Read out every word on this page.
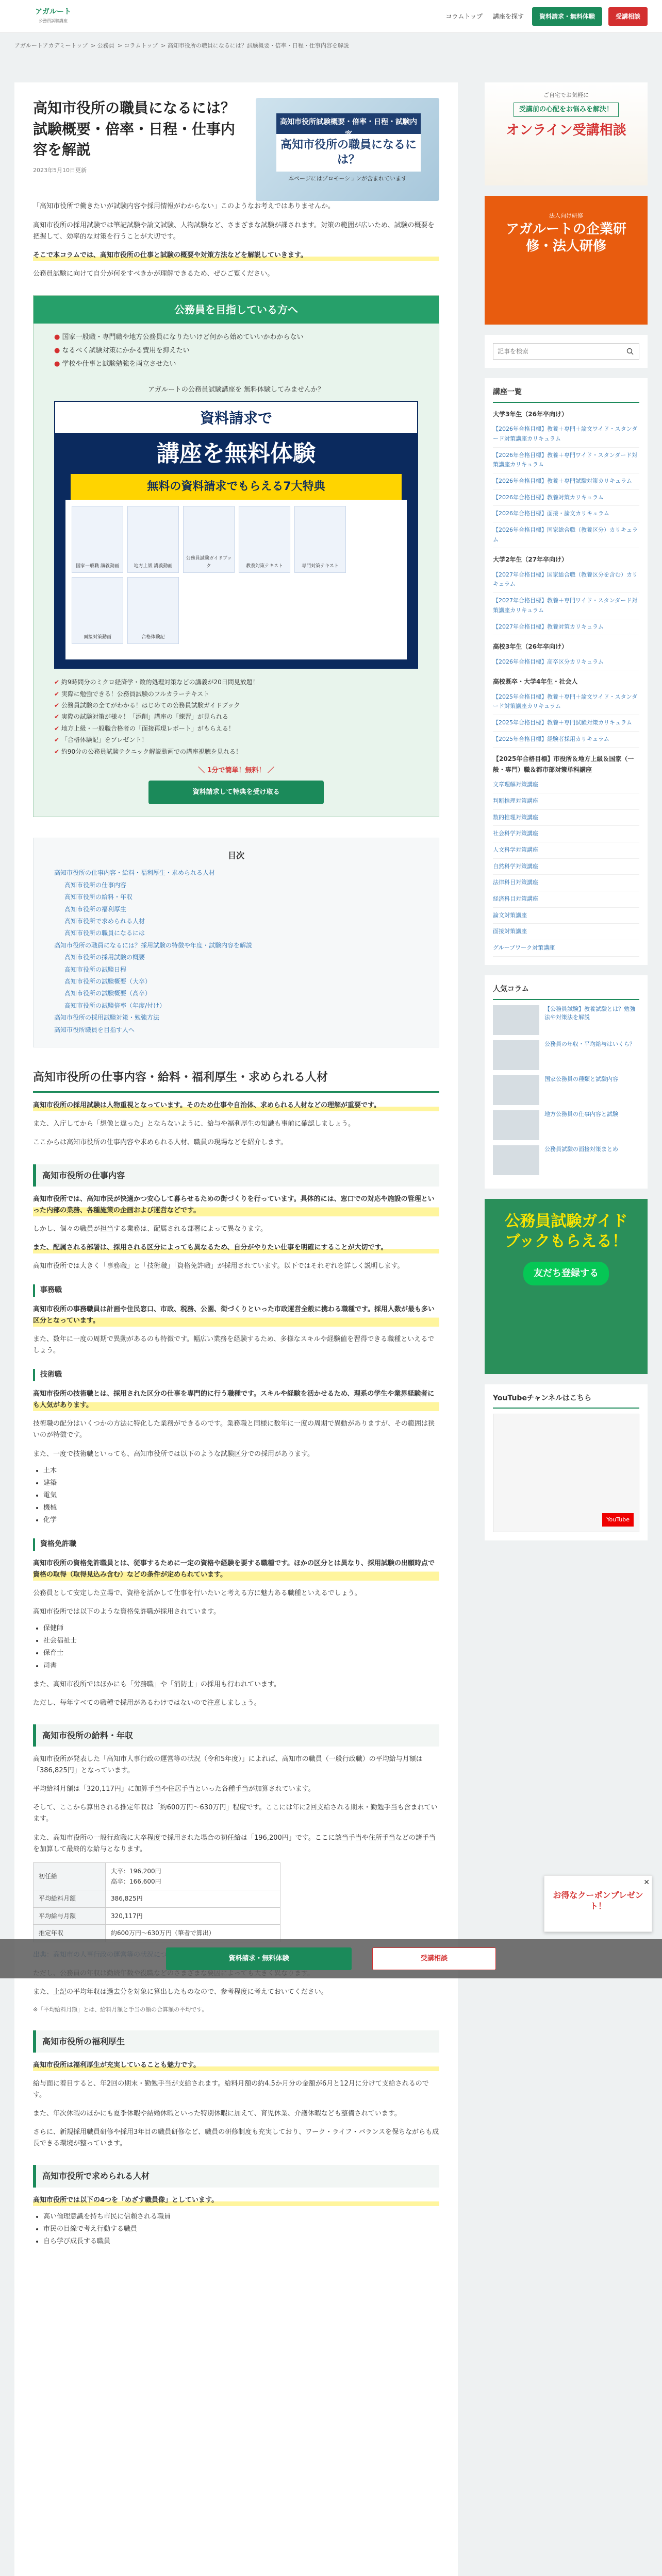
アガルート
公務員試験講座
コラムトップ	講座を探す	資料請求・無料体験	受講相談
アガルートアカデミートップ > 公務員 > コラムトップ > 高知市役所の職員になるには？試験概要・倍率・日程・仕事内容を解説
高知市役所の職員になるには？試験概要・倍率・日程・仕事内容を解説
2023年5月10日更新
高知市役所試験概要・倍率・日程・試験内
高知市役所の職員になるには？
本ページにはプロモーションが含まれています

「高知市役所で働きたいが試験内容や採用情報がわからない」このようなお考えではありませんか。

高知市役所の採用試験では筆記試験や論文試験、人物試験など、さまざまな試験が課されます。対策の範囲が広いため、試験の概要を把握して、効率的な対策を行うことが大切です。

そこで本コラムでは、高知市役所の仕事と試験の概要や対策方法などを解説していきます。

公務員試験に向けて自分が何をすべきかが理解できるため、ぜひご覧ください。

公務員を目指している方へ
● 国家一般職・専門職や地方公務員になりたいけど何から始めていいかわからない
● なるべく試験対策にかかる費用を抑えたい
● 学校や仕事と試験勉強を両立させたい
アガルートの公務員試験講座を 無料体験してみませんか？
資料請求で
講座を無料体験
無料の資料請求でもらえる7大特典
国家一般職 講義動画	地方上級 講義動画
公務員試験ガイドブック	教養対策テキスト	専門対策テキスト
面接対策動画	合格体験記
✔ 約9時間分のミクロ経済学・数的処理対策などの講義が20日間見放題！
✔ 実際に勉強できる！公務員試験のフルカラーテキスト
✔ 公務員試験の全てがわかる！はじめての公務員試験ガイドブック
✔ 実際の試験対策が様々！「添削」講座の「練習」が見られる
✔ 地方上級・一般職合格者の「面接再現レポート」がもらえる！
✔ 「合格体験記」をプレゼント！
✔ 約90分の公務員試験テクニック解説動画での講座視聴を見れる！
＼ 1分で簡単！無料！ ／
資料請求して特典を受け取る
目次
高知市役所の仕事内容・給料・福利厚生・求められる人材
高知市役所の仕事内容
高知市役所の給料・年収
高知市役所の福利厚生
高知市役所で求められる人材
高知市役所の職員になるには
高知市役所の職員になるには？採用試験の特徴や年度・試験内容を解説
高知市役所の採用試験の概要
高知市役所の試験日程
高知市役所の試験概要（大卒）
高知市役所の試験概要（高卒）
高知市役所の試験倍率（年度/付け）
高知市役所の採用試験対策・勉強方法
高知市役所職員を目指す人へ
高知市役所の仕事内容・給料・福利厚生・求められる人材

高知市役所の採用試験は人物重視となっています。そのため仕事や自治体、求められる人材などの理解が重要です。

また、入庁してから「想像と違った」とならないように、給与や福利厚生の知識も事前に確認しましょう。

ここからは高知市役所の仕事内容や求められる人材、職員の現場などを紹介します。

高知市役所の仕事内容

高知市役所では、高知市民が快適かつ安心して暮らせるための街づくりを行っています。具体的には、窓口での対応や施設の管理といった内部の業務、各種施策の企画および運営などです。

しかし、個々の職員が担当する業務は、配属される部署によって異なります。

また、配属される部署は、採用される区分によっても異なるため、自分がやりたい仕事を明確にすることが大切です。

高知市役所では大きく「事務職」と「技術職」「資格免許職」が採用されています。以下ではそれぞれを詳しく説明します。

事務職

高知市役所の事務職員は計画や住民窓口、市政、税務、公園、街づくりといった市政運営全般に携わる職種です。採用人数が最も多い区分となっています。

また、数年に一度の周期で異動があるのも特徴です。幅広い業務を経験するため、多様なスキルや経験値を習得できる職種といえるでしょう。

技術職

高知市役所の技術職とは、採用された区分の仕事を専門的に行う職種です。スキルや経験を活かせるため、理系の学生や業界経験者にも人気があります。

技術職の配分はいくつかの方法に特化した業務ができるのです。業務職と同様に数年に一度の周期で異動がありますが、その範囲は狭いのが特徴です。

また、一度で技術職といっても、高知市役所では以下のような試験区分での採用があります。

• 土木
• 建築
• 電気
• 機械
• 化学
資格免許職

高知市役所の資格免許職員とは、従事するために一定の資格や経験を要する職種です。ほかの区分とは異なり、採用試験の出願時点で資格の取得（取得見込み含む）などの条件が定められています。

公務員として安定した立場で、資格を活かして仕事を行いたいと考える方に魅力ある職種といえるでしょう。

高知市役所では以下のような資格免許職が採用されています。

• 保健師
• 社会福祉士
• 保育士
• 司書

また、高知市役所ではほかにも「労務職」や「消防士」の採用も行われています。

ただし、毎年すべての職種で採用があるわけではないので注意しましょう。

高知市役所の給料・年収

高知市役所が発表した「高知市人事行政の運営等の状況（令和5年度）」によれば、高知市の職員（一般行政職）の平均給与月額は「386,825円」となっています。

平均給料月額は「320,117円」に加算手当や住居手当といった各種手当が加算されています。

そして、ここから算出される推定年収は「約600万円〜630万円」程度です。ここには年に2回支給される期末・勤勉手当も含まれています。

また、高知市役所の一般行政職に大卒程度で採用された場合の初任給は「196,200円」です。ここに該当手当や住所手当などの諸手当を加算して最終的な給与となります。

初任給	大卒：196,200円
高卒：166,600円
平均給料月額	386,825円
平均給与月額	320,117円
推定年収	約600万円〜630万円（筆者で算出）

また、上記の平均年収は過去分を対象に算出したものなので、参考程度に考えておいてください。

※「平均給料月額」とは、給料月額と手当の額の合算額の平均です。

高知市役所の福利厚生

高知市役所は福利厚生が充実していることも魅力です。

給与面に着目すると、年2回の期末・勤勉手当が支給されます。給料月額の約4.5か月分の金額が6月と12月に分けて支給されるのです。

また、年次休暇のほかにも夏季休暇や結婚休暇といった特別休暇に加えて、育児休業、介護休暇なども整備されています。

さらに、新規採用職員研修や採用3年目の職員研修など、職員の研修制度も充実しており、ワーク・ライフ・バランスを保ちながらも成長できる環境が整っています。

高知市役所で求められる人材

高知市役所では以下の4つを「めざす職員像」としています。

• 高い倫理意識を持ち市民に信頼される職員
• 市民の目線で考え行動する職員
• 自ら学び成長する職員
ご自宅でお気軽に
受講前の心配をお悩みを解決！
オンライン受講相談
法人向け研修
アガルートの企業研修・法人研修
記事を検索
講座一覧
大学3年生（26年卒向け）
【2026年合格目標】教養＋専門＋論文ワイド・スタンダード対策講座カリキュラム
【2026年合格目標】教養＋専門ワイド・スタンダード対策講座カリキュラム
【2026年合格目標】教養＋専門試験対策カリキュラム
【2026年合格目標】教養対策カリキュラム
【2026年合格目標】面接・論文カリキュラム
【2026年合格目標】国家総合職（教養区分）カリキュラム
大学2年生（27年卒向け）
【2027年合格目標】国家総合職（教養区分を含む）カリキュラム
【2027年合格目標】教養＋専門ワイド・スタンダード対策講座カリキュラム
【2027年合格目標】教養対策カリキュラム
高校3年生（26年卒向け）
【2026年合格目標】高卒区分カリキュラム
高校既卒・大学4年生・社会人
【2025年合格目標】教養＋専門＋論文ワイド・スタンダード対策講座カリキュラム
【2025年合格目標】教養＋専門試験対策カリキュラム
【2025年合格目標】経験者採用カリキュラム
【2025年合格目標】市役所＆地方上級＆国家（一般・専門）職＆都市部対策単科講座
文章理解対策講座
判断推理対策講座
数的推理対策講座
社会科学対策講座
人文科学対策講座
自然科学対策講座
法律科目対策講座
経済科目対策講座
論文対策講座
面接対策講座
グループワーク対策講座
人気コラム
【公務員試験】教養試験とは？勉強法や対策法を解説
公務員の年収・平均給与はいくら？
国家公務員の種類と試験内容
地方公務員の仕事内容と試験
公務員試験の面接対策まとめ
公務員試験ガイドブックもらえる！
友だち登録する
YouTubeチャンネルはこちら
YouTube
✕
お得なクーポンプレゼント！
資料請求・無料体験	受講相談
